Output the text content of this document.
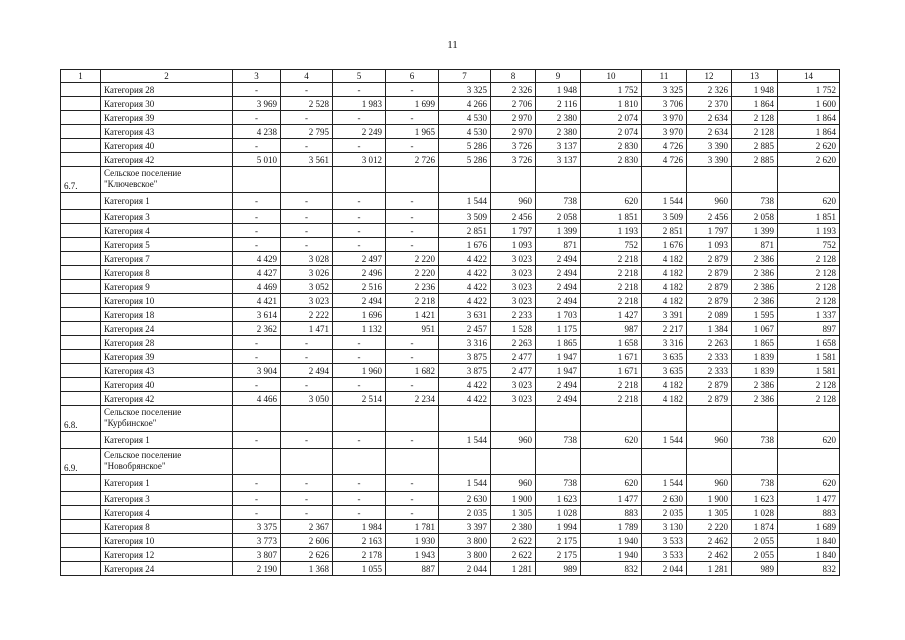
11
1	2	3	4	5	6	7	8	9	10	11	12	13	14
	Категория 28	-	-	-	-	3 325	2 326	1 948	1 752	3 325	2 326	1 948	1 752
	Категория 30	3 969	2 528	1 983	1 699	4 266	2 706	2 116	1 810	3 706	2 370	1 864	1 600
	Категория 39	-	-	-	-	4 530	2 970	2 380	2 074	3 970	2 634	2 128	1 864
	Категория 43	4 238	2 795	2 249	1 965	4 530	2 970	2 380	2 074	3 970	2 634	2 128	1 864
	Категория 40	-	-	-	-	5 286	3 726	3 137	2 830	4 726	3 390	2 885	2 620
	Категория 42	5 010	3 561	3 012	2 726	5 286	3 726	3 137	2 830	4 726	3 390	2 885	2 620
6.7.	Сельское поселение "Ключевское"												
	Категория 1	-	-	-	-	1 544	960	738	620	1 544	960	738	620
	Категория 3	-	-	-	-	3 509	2 456	2 058	1 851	3 509	2 456	2 058	1 851
	Категория 4	-	-	-	-	2 851	1 797	1 399	1 193	2 851	1 797	1 399	1 193
	Категория 5	-	-	-	-	1 676	1 093	871	752	1 676	1 093	871	752
	Категория 7	4 429	3 028	2 497	2 220	4 422	3 023	2 494	2 218	4 182	2 879	2 386	2 128
	Категория 8	4 427	3 026	2 496	2 220	4 422	3 023	2 494	2 218	4 182	2 879	2 386	2 128
	Категория 9	4 469	3 052	2 516	2 236	4 422	3 023	2 494	2 218	4 182	2 879	2 386	2 128
	Категория 10	4 421	3 023	2 494	2 218	4 422	3 023	2 494	2 218	4 182	2 879	2 386	2 128
	Категория 18	3 614	2 222	1 696	1 421	3 631	2 233	1 703	1 427	3 391	2 089	1 595	1 337
	Категория 24	2 362	1 471	1 132	951	2 457	1 528	1 175	987	2 217	1 384	1 067	897
	Категория 28	-	-	-	-	3 316	2 263	1 865	1 658	3 316	2 263	1 865	1 658
	Категория 39	-	-	-	-	3 875	2 477	1 947	1 671	3 635	2 333	1 839	1 581
	Категория 43	3 904	2 494	1 960	1 682	3 875	2 477	1 947	1 671	3 635	2 333	1 839	1 581
	Категория 40	-	-	-	-	4 422	3 023	2 494	2 218	4 182	2 879	2 386	2 128
	Категория 42	4 466	3 050	2 514	2 234	4 422	3 023	2 494	2 218	4 182	2 879	2 386	2 128
6.8.	Сельское поселение "Курбинское"												
	Категория 1	-	-	-	-	1 544	960	738	620	1 544	960	738	620
6.9.	Сельское поселение "Новобрянское"												
	Категория 1	-	-	-	-	1 544	960	738	620	1 544	960	738	620
	Категория 3	-	-	-	-	2 630	1 900	1 623	1 477	2 630	1 900	1 623	1 477
	Категория 4	-	-	-	-	2 035	1 305	1 028	883	2 035	1 305	1 028	883
	Категория 8	3 375	2 367	1 984	1 781	3 397	2 380	1 994	1 789	3 130	2 220	1 874	1 689
	Категория 10	3 773	2 606	2 163	1 930	3 800	2 622	2 175	1 940	3 533	2 462	2 055	1 840
	Категория 12	3 807	2 626	2 178	1 943	3 800	2 622	2 175	1 940	3 533	2 462	2 055	1 840
	Категория 24	2 190	1 368	1 055	887	2 044	1 281	989	832	2 044	1 281	989	832
